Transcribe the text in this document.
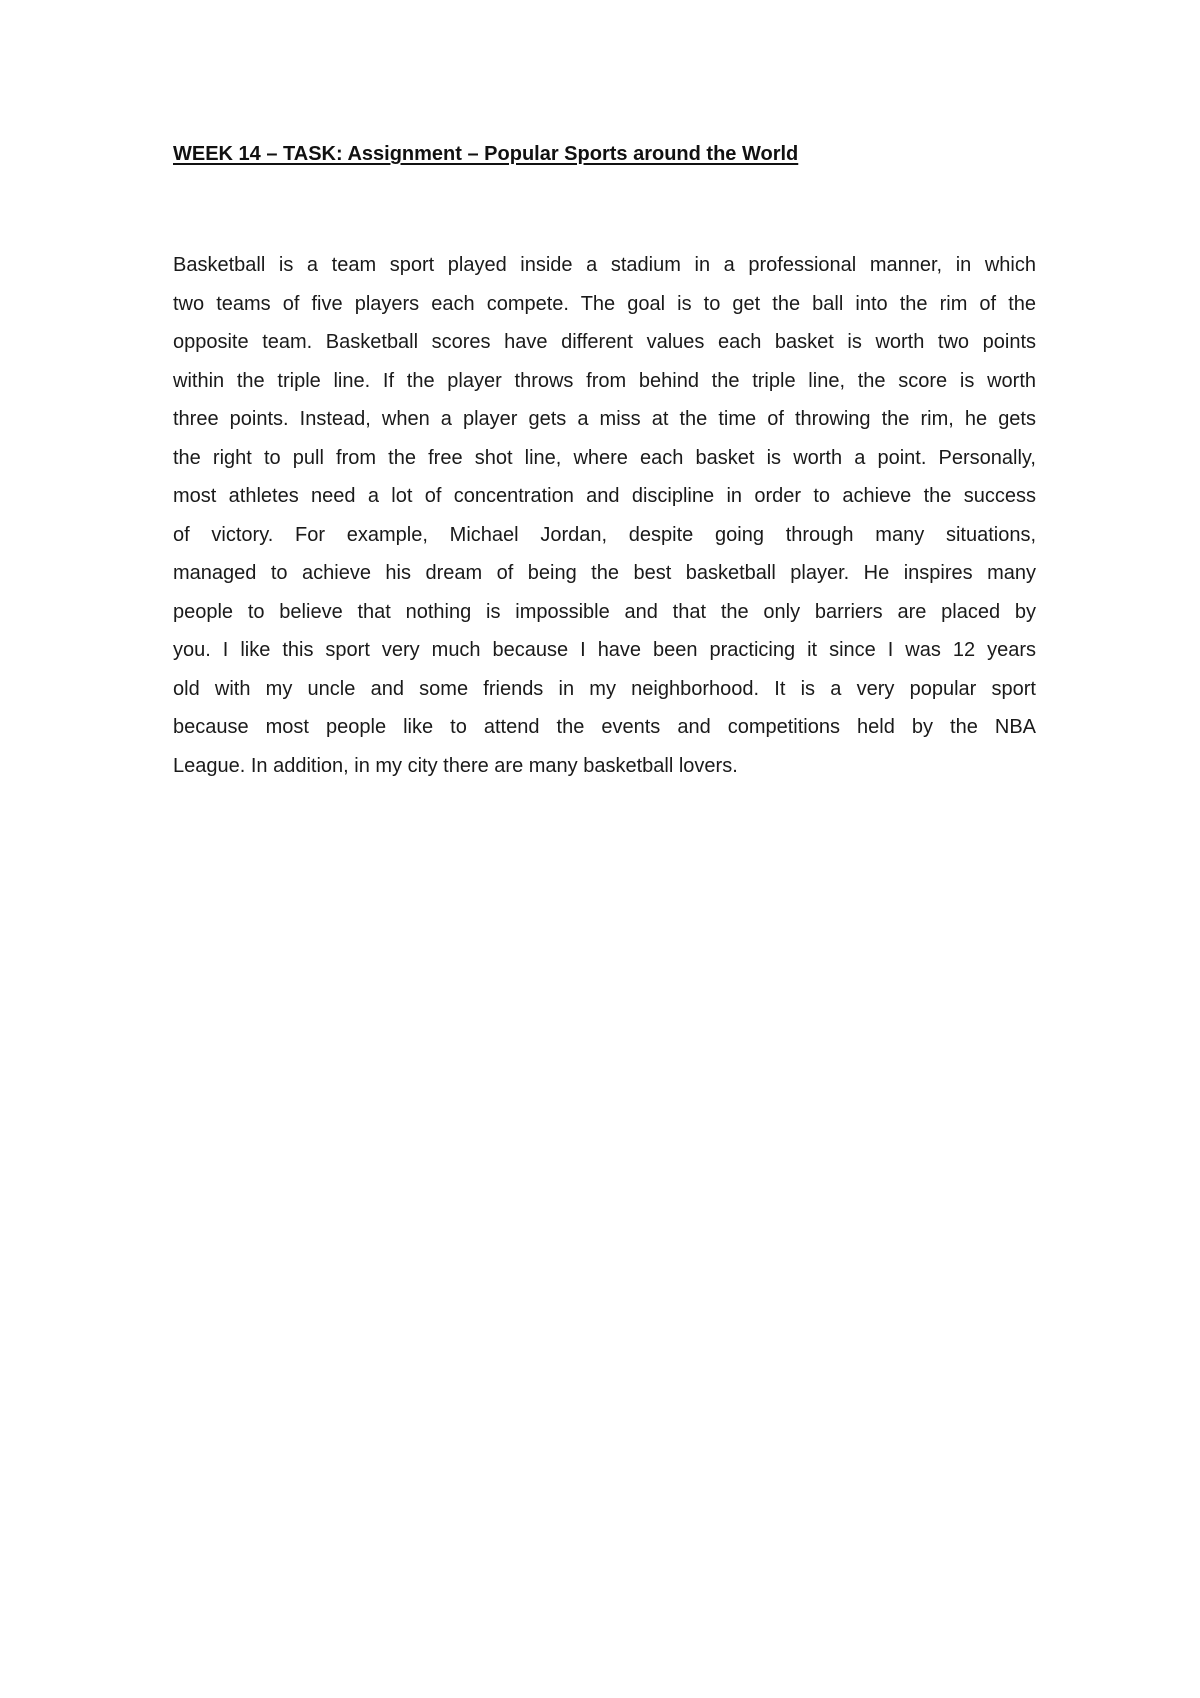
WEEK 14 – TASK: Assignment – Popular Sports around the World
Basketball is a team sport played inside a stadium in a professional manner, in which
two teams of five players each compete. The goal is to get the ball into the rim of the
opposite team. Basketball scores have different values each basket is worth two points
within the triple line. If the player throws from behind the triple line, the score is worth
three points. Instead, when a player gets a miss at the time of throwing the rim, he gets
the right to pull from the free shot line, where each basket is worth a point. Personally,
most athletes need a lot of concentration and discipline in order to achieve the success
of victory. For example, Michael Jordan, despite going through many situations,
managed to achieve his dream of being the best basketball player. He inspires many
people to believe that nothing is impossible and that the only barriers are placed by
you. I like this sport very much because I have been practicing it since I was 12 years
old with my uncle and some friends in my neighborhood. It is a very popular sport
because most people like to attend the events and competitions held by the NBA
League. In addition, in my city there are many basketball lovers.
